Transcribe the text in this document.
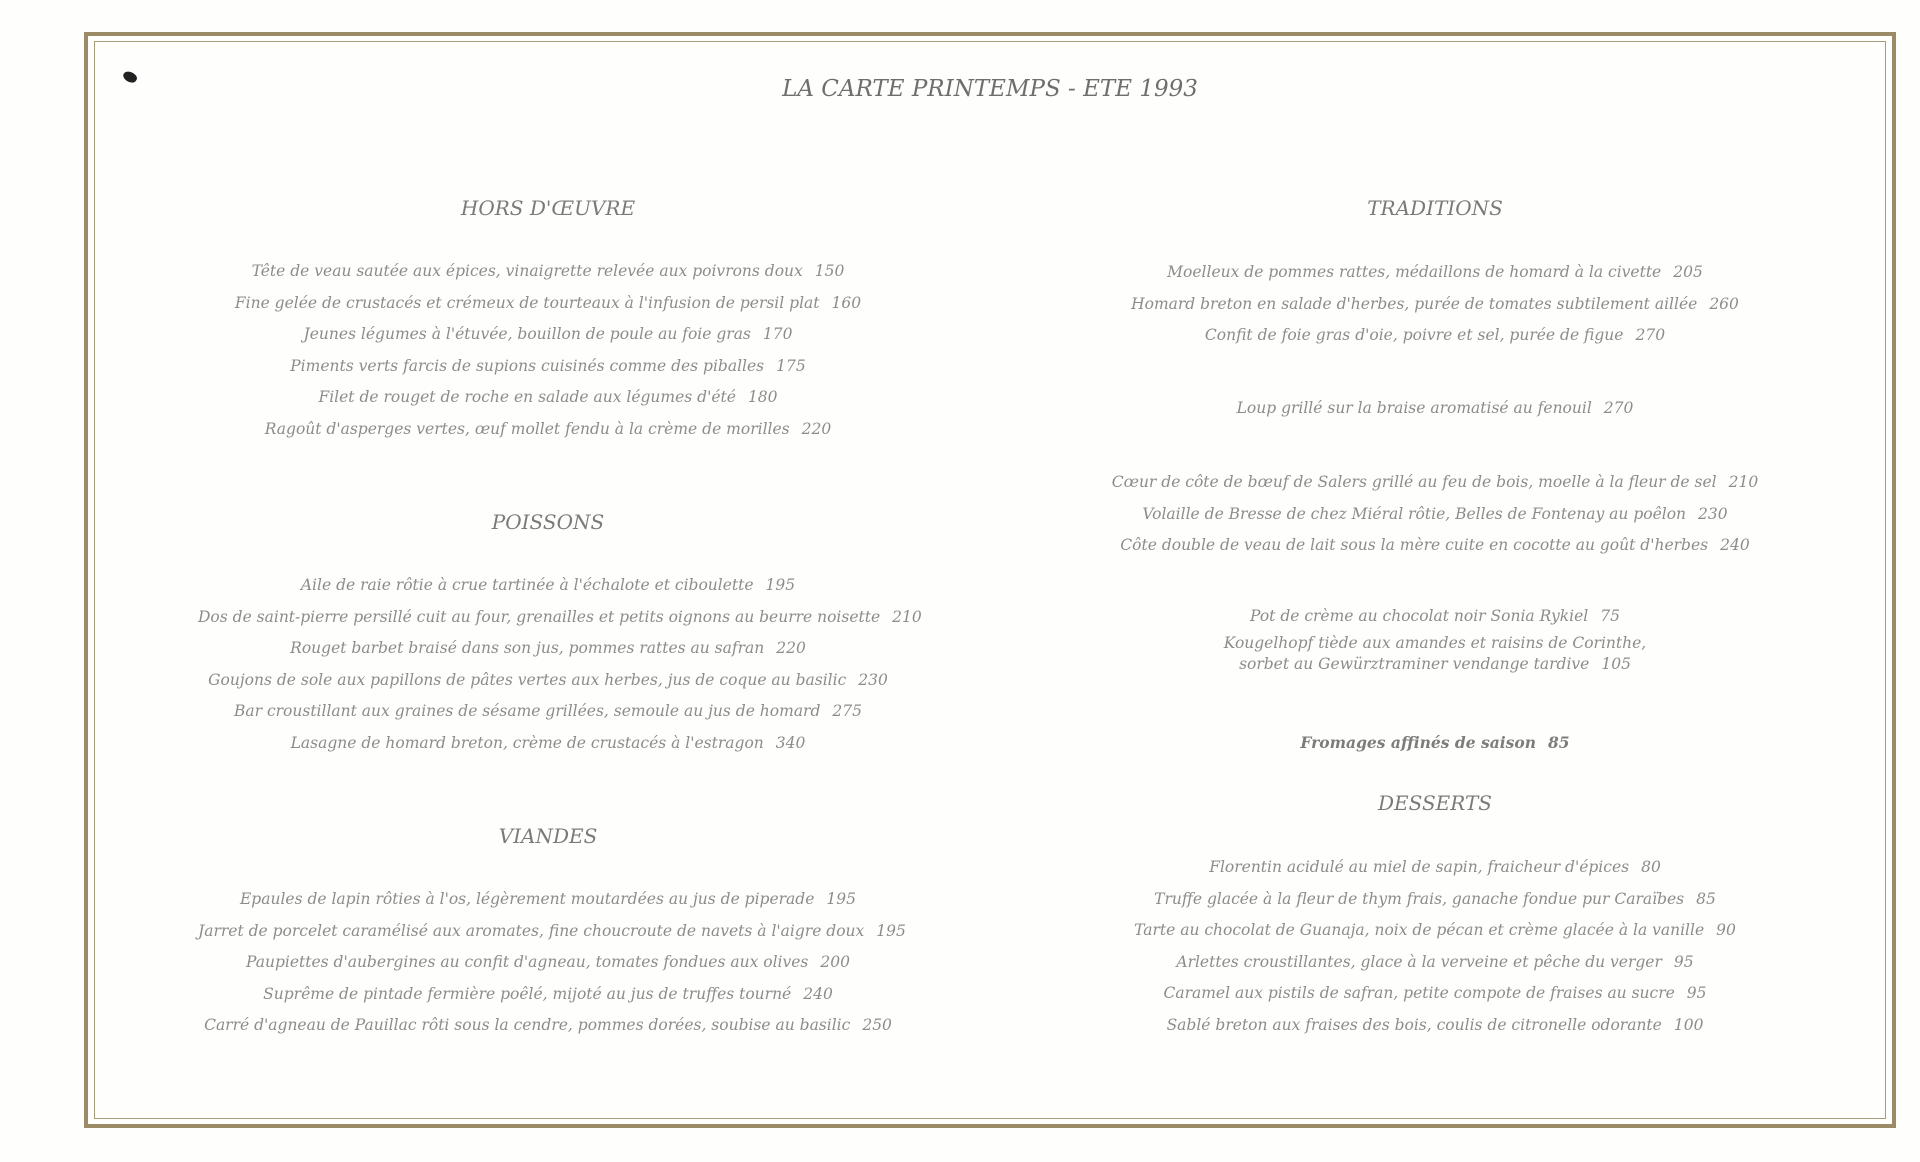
LA CARTE PRINTEMPS - ETE 1993
HORS D'ŒUVRE
Tête de veau sautée aux épices, vinaigrette relevée aux poivrons doux 150
Fine gelée de crustacés et crémeux de tourteaux à l'infusion de persil plat 160
Jeunes légumes à l'étuvée, bouillon de poule au foie gras 170
Piments verts farcis de supions cuisinés comme des piballes 175
Filet de rouget de roche en salade aux légumes d'été 180
Ragoût d'asperges vertes, œuf mollet fendu à la crème de morilles 220
POISSONS
Aile de raie rôtie à crue tartinée à l'échalote et ciboulette 195
Dos de saint-pierre persillé cuit au four, grenailles et petits oignons au beurre noisette 210
Rouget barbet braisé dans son jus, pommes rattes au safran 220
Goujons de sole aux papillons de pâtes vertes aux herbes, jus de coque au basilic 230
Bar croustillant aux graines de sésame grillées, semoule au jus de homard 275
Lasagne de homard breton, crème de crustacés à l'estragon 340
VIANDES
Epaules de lapin rôties à l'os, légèrement moutardées au jus de piperade 195
Jarret de porcelet caramélisé aux aromates, fine choucroute de navets à l'aigre doux 195
Paupiettes d'aubergines au confit d'agneau, tomates fondues aux olives 200
Suprême de pintade fermière poêlé, mijoté au jus de truffes tourné 240
Carré d'agneau de Pauillac rôti sous la cendre, pommes dorées, soubise au basilic 250
TRADITIONS
Moelleux de pommes rattes, médaillons de homard à la civette 205
Homard breton en salade d'herbes, purée de tomates subtilement aillée 260
Confit de foie gras d'oie, poivre et sel, purée de figue 270
Loup grillé sur la braise aromatisé au fenouil 270
Cœur de côte de bœuf de Salers grillé au feu de bois, moelle à la fleur de sel 210
Volaille de Bresse de chez Miéral rôtie, Belles de Fontenay au poêlon 230
Côte double de veau de lait sous la mère cuite en cocotte au goût d'herbes 240
Pot de crème au chocolat noir Sonia Rykiel 75
Kougelhopf tiède aux amandes et raisins de Corinthe,
sorbet au Gewürztraminer vendange tardive 105
Fromages affinés de saison 85
DESSERTS
Florentin acidulé au miel de sapin, fraicheur d'épices 80
Truffe glacée à la fleur de thym frais, ganache fondue pur Caraïbes 85
Tarte au chocolat de Guanaja, noix de pécan et crème glacée à la vanille 90
Arlettes croustillantes, glace à la verveine et pêche du verger 95
Caramel aux pistils de safran, petite compote de fraises au sucre 95
Sablé breton aux fraises des bois, coulis de citronelle odorante 100
